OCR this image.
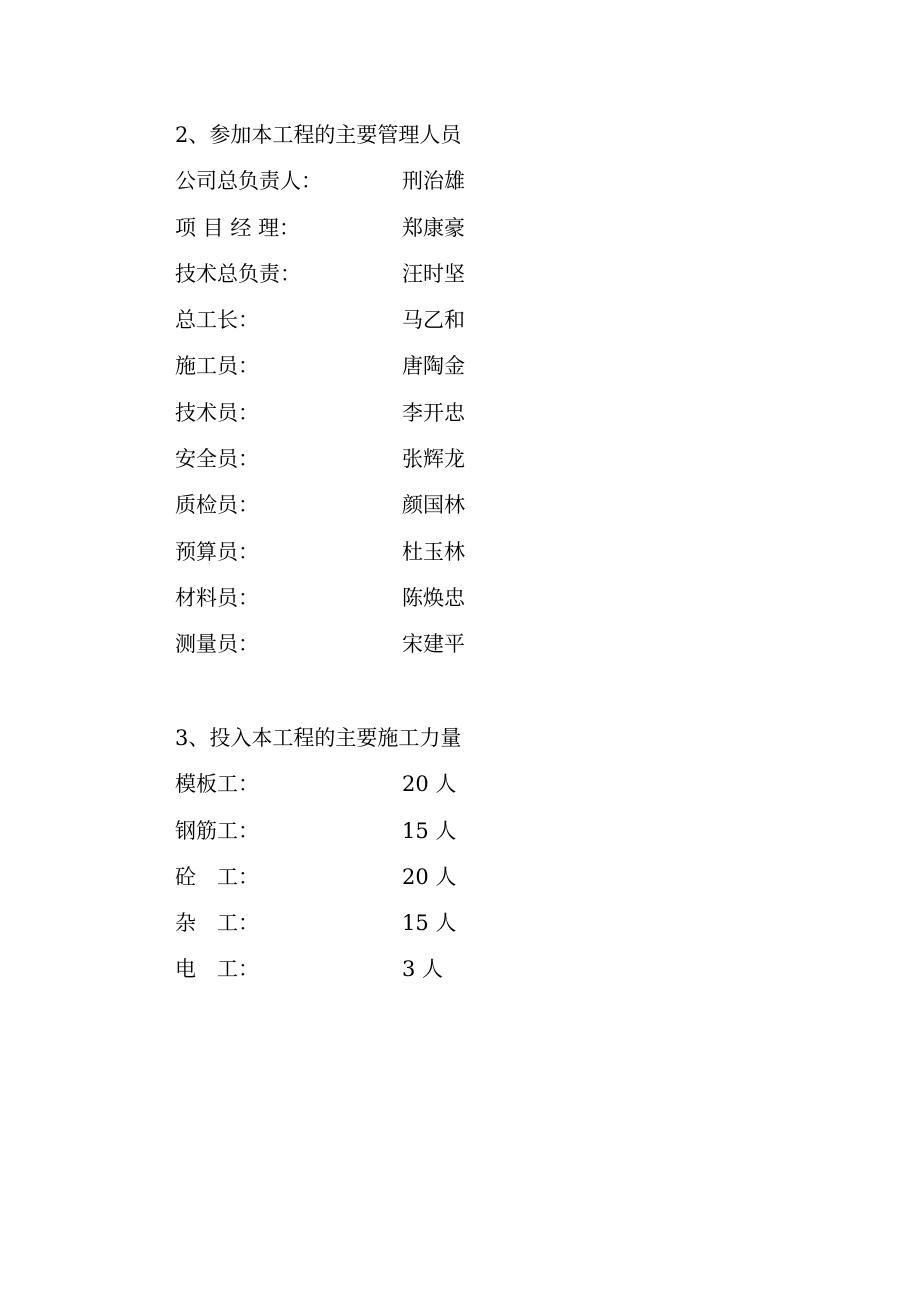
2、参加本工程的主要管理人员
公司总负责人：	刑治雄
项 目 经 理：	郑康豪
技术总负责：	汪时坚
总工长：	马乙和
施工员：	唐陶金
技术员：	李开忠
安全员：	张辉龙
质检员：	颜国林
预算员：	杜玉林
材料员：	陈焕忠
测量员：	宋建平
3、投入本工程的主要施工力量
模板工：	20 人
钢筋工：	15 人
砼　工：	20 人
杂　工：	15 人
电　工：	3 人
